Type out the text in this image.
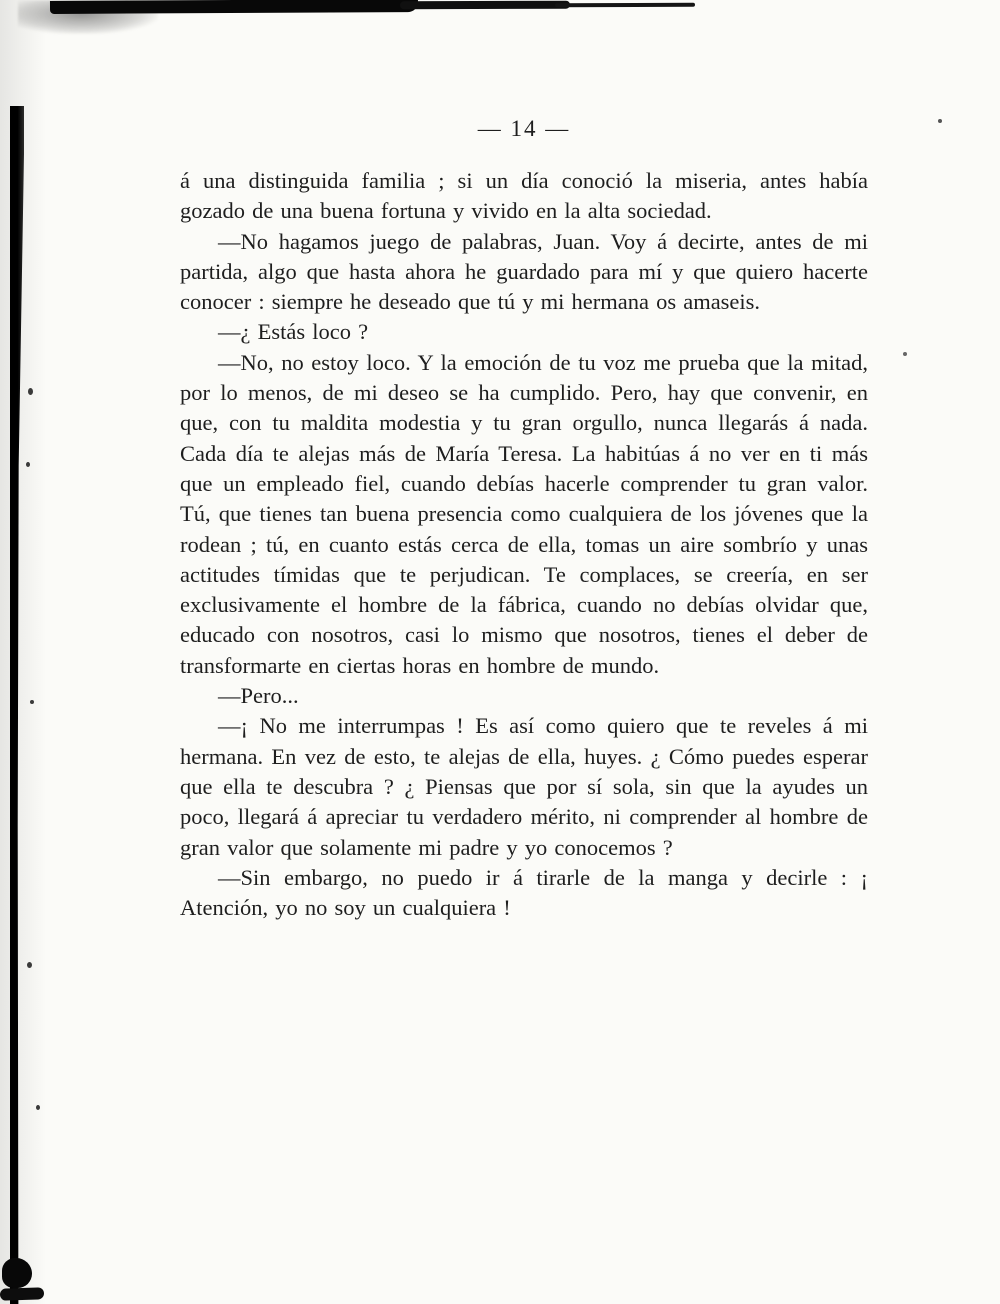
— 14 —

á una distinguida familia ; si un día conoció la miseria, antes había gozado de una buena fortuna y vivido en la alta sociedad.

—No hagamos juego de palabras, Juan. Voy á decirte, antes de mi partida, algo que hasta ahora he guardado para mí y que quiero hacerte conocer : siempre he deseado que tú y mi hermana os amaseis.

—¿ Estás loco ?

—No, no estoy loco. Y la emoción de tu voz me prueba que la mitad, por lo menos, de mi deseo se ha cumplido. Pero, hay que convenir, en que, con tu maldita modestia y tu gran orgullo, nunca llegarás á nada. Cada día te alejas más de María Teresa. La habitúas á no ver en ti más que un empleado fiel, cuando debías hacerle comprender tu gran valor. Tú, que tienes tan buena presencia como cualquiera de los jóvenes que la rodean ; tú, en cuanto estás cerca de ella, tomas un aire sombrío y unas actitudes tímidas que te perjudican. Te complaces, se creería, en ser exclusivamente el hombre de la fábrica, cuando no debías olvidar que, educado con nosotros, casi lo mismo que nosotros, tienes el deber de transformarte en ciertas horas en hombre de mundo.

—Pero...

—¡ No me interrumpas ! Es así como quiero que te reveles á mi hermana. En vez de esto, te alejas de ella, huyes. ¿ Cómo puedes esperar que ella te descubra ? ¿ Piensas que por sí sola, sin que la ayudes un poco, llegará á apreciar tu verdadero mérito, ni comprender al hombre de gran valor que solamente mi padre y yo conocemos ?

—Sin embargo, no puedo ir á tirarle de la manga y decirle : ¡ Atención, yo no soy un cualquiera !
